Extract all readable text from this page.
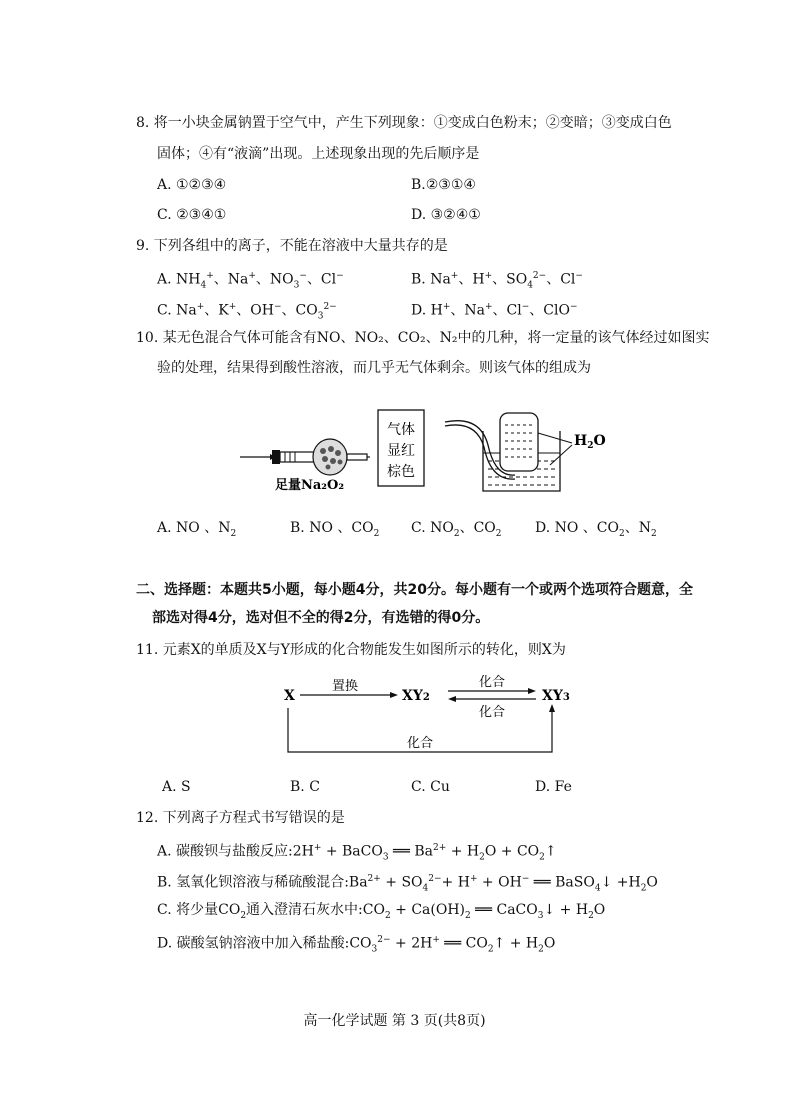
8. 将一小块金属钠置于空气中，产生下列现象：①变成白色粉末；②变暗；③变成白色
固体；④有“液滴”出现。上述现象出现的先后顺序是
A. ①②③④	B.②③①④
C. ②③④①	D. ③②④①
9. 下列各组中的离子，不能在溶液中大量共存的是
A. $NH_4^+$、Na+、$NO_3^-$、Cl−	B. Na+、H+、$SO_4^{2-}$、Cl−
C. Na+、K+、OH−、$CO_3^{2-}$	D. H+、Na+、Cl−、ClO−
10. 某无色混合气体可能含有NO、NO₂、CO₂、N₂中的几种，将一定量的该气体经过如图实
验的处理，结果得到酸性溶液，而几乎无气体剩余。则该气体的组成为
足量Na₂O₂
气体
显红
棕色
$H_2O$
A. NO 、$N_2$	B. NO 、$CO_2$ C. $NO_2$、$CO_2$ D. NO 、$CO_2$、$N_2$
二、选择题：本题共5小题，每小题4分，共20分。每小题有一个或两个选项符合题意，全
部选对得4分，选对但不全的得2分，有选错的得0分。
11. 元素X的单质及X与Y形成的化合物能发生如图所示的转化，则X为
X	XY2	XY3
置换	化合
化合
化合
A. S	B. C	C. Cu	D. Fe
12. 下列离子方程式书写错误的是
A. 碳酸钡与盐酸反应:2H+ + BaCO$_3$ ══ $Ba^{2+} + H_2O$ + $CO_2↑$
B. 氢氧化钡溶液与稀硫酸混合$:Ba^{2+} + SO_4^{2-}+ H^+ + OH^-$ ══ BaSO$_4$↓ $+H_2O$
C. 将少量$CO_2$通入澄清石灰水中$:CO_2 + Ca(OH)_2$ ══ CaCO$_3$↓ + $H_2O$
D. 碳酸氢钠溶液中加入稀盐酸$:CO_3^{2-} + 2H^+$ ══ $CO_2↑ + H_2O$
高一化学试题 第 3 页(共8页)
